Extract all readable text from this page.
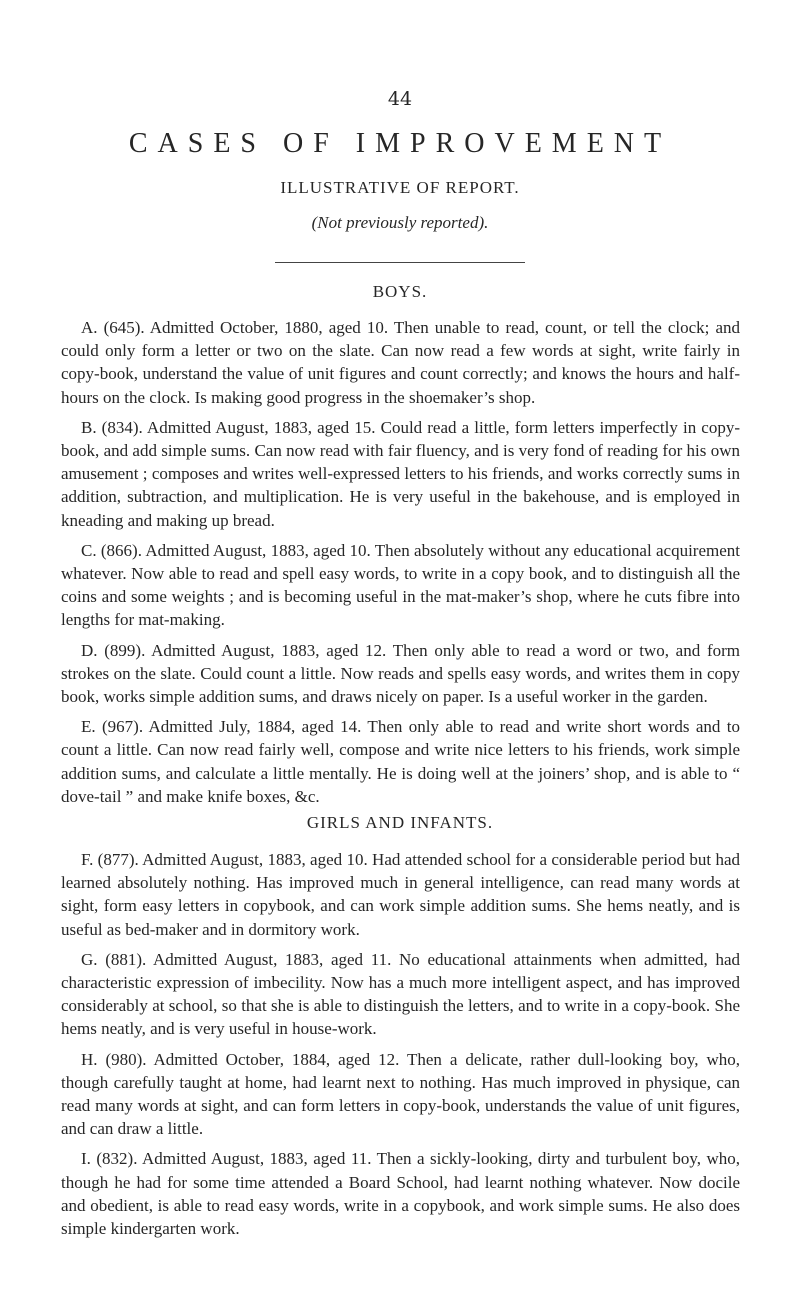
44
CASES OF IMPROVEMENT
ILLUSTRATIVE OF REPORT.
(Not previously reported).
BOYS.

A. (645). Admitted October, 1880, aged 10. Then unable to read, count, or tell the clock; and could only form a letter or two on the slate. Can now read a few words at sight, write fairly in copy-book, understand the value of unit figures and count correctly; and knows the hours and half-hours on the clock. Is making good progress in the shoemaker’s shop.

B. (834). Admitted August, 1883, aged 15. Could read a little, form letters imperfectly in copy-book, and add simple sums. Can now read with fair fluency, and is very fond of reading for his own amusement ; composes and writes well-expressed letters to his friends, and works correctly sums in addition, subtraction, and multiplication. He is very useful in the bakehouse, and is employed in kneading and making up bread.

C. (866). Admitted August, 1883, aged 10. Then absolutely without any educational acquirement whatever. Now able to read and spell easy words, to write in a copy book, and to distinguish all the coins and some weights ; and is becoming useful in the mat-maker’s shop, where he cuts fibre into lengths for mat-making.

D. (899). Admitted August, 1883, aged 12. Then only able to read a word or two, and form strokes on the slate. Could count a little. Now reads and spells easy words, and writes them in copy book, works simple addition sums, and draws nicely on paper. Is a useful worker in the garden.

E. (967). Admitted July, 1884, aged 14. Then only able to read and write short words and to count a little. Can now read fairly well, compose and write nice letters to his friends, work simple addition sums, and calculate a little mentally. He is doing well at the joiners’ shop, and is able to “ dove-tail ” and make knife boxes, &c.

GIRLS AND INFANTS.

F. (877). Admitted August, 1883, aged 10. Had attended school for a considerable period but had learned absolutely nothing. Has improved much in general intelligence, can read many words at sight, form easy letters in copybook, and can work simple addition sums. She hems neatly, and is useful as bed-maker and in dormitory work.

G. (881). Admitted August, 1883, aged 11. No educational attainments when admitted, had characteristic expression of imbecility. Now has a much more intelligent aspect, and has improved considerably at school, so that she is able to distinguish the letters, and to write in a copy-book. She hems neatly, and is very useful in house-work.

H. (980). Admitted October, 1884, aged 12. Then a delicate, rather dull-looking boy, who, though carefully taught at home, had learnt next to nothing. Has much improved in physique, can read many words at sight, and can form letters in copy-book, understands the value of unit figures, and can draw a little.

I. (832). Admitted August, 1883, aged 11. Then a sickly-looking, dirty and turbulent boy, who, though he had for some time attended a Board School, had learnt nothing whatever. Now docile and obedient, is able to read easy words, write in a copybook, and work simple sums. He also does simple kindergarten work.
